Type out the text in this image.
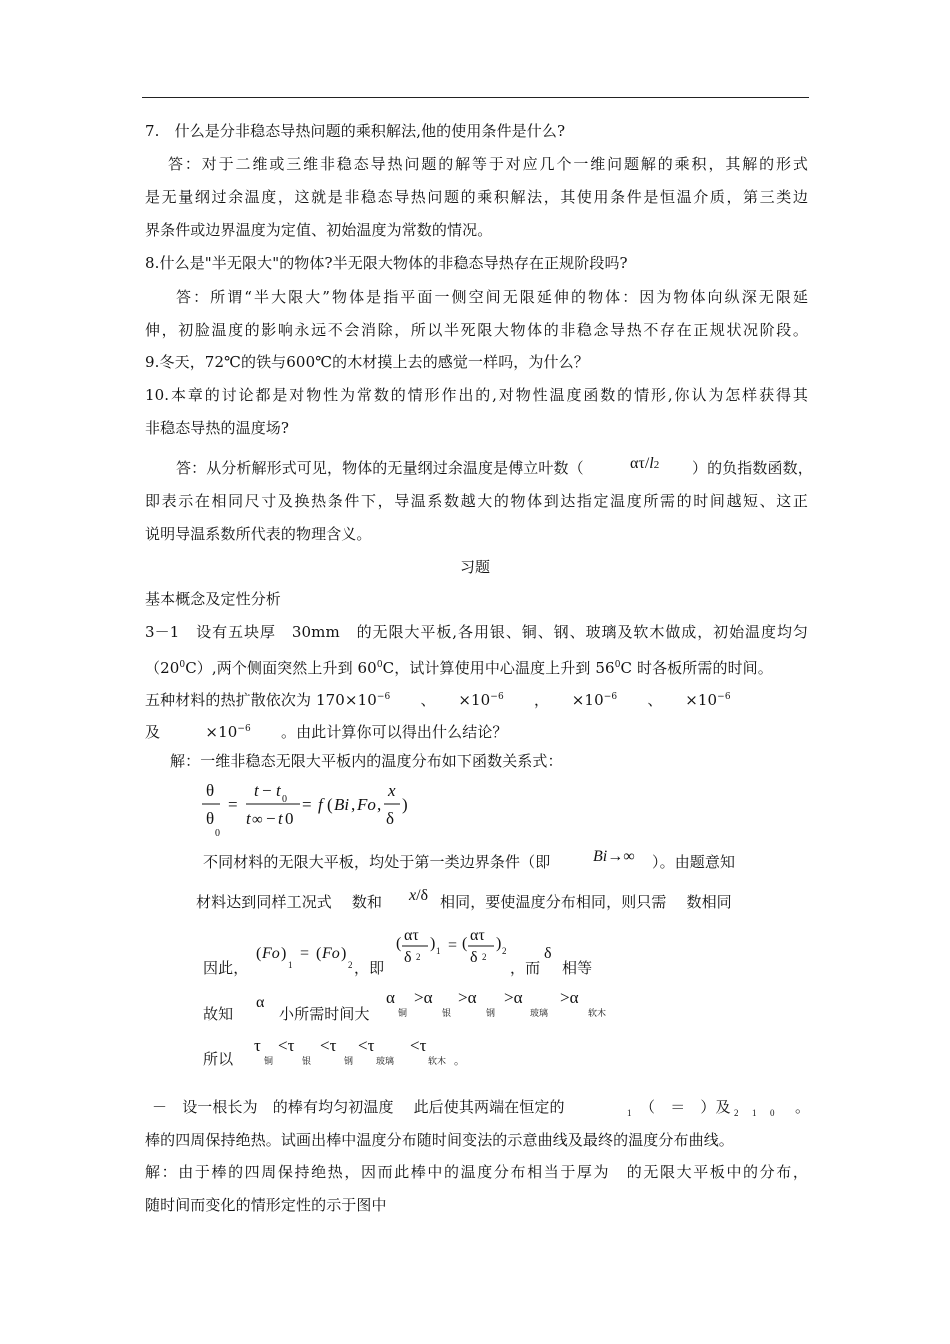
7.　什么是分非稳态导热问题的乘积解法,他的使用条件是什么?
答：对于二维或三维非稳态导热问题的解等于对应几个一维问题解的乘积，其解的形式
是无量纲过余温度，这就是非稳态导热问题的乘积解法，其使用条件是恒温介质，第三类边
界条件或边界温度为定值、初始温度为常数的情况。
8.什么是"半无限大"的物体?半无限大物体的非稳态导热存在正规阶段吗?
答：所谓“半大限大”物体是指平面一侧空间无限延伸的物体：因为物体向纵深无限延
伸，初脸温度的影响永远不会消除，所以半死限大物体的非稳念导热不存在正规状况阶段。
9.冬天，72℃的铁与600℃的木材摸上去的感觉一样吗，为什么？
10.本章的讨论都是对物性为常数的情形作出的,对物性温度函数的情形,你认为怎样获得其
非稳态导热的温度场?
答：从分析解形式可见，物体的无量纲过余温度是傅立叶数（	ατ/l2 ）的负指数函数，
即表示在相同尺寸及换热条件下，导温系数越大的物体到达指定温度所需的时间越短、这正
说明导温系数所代表的物理含义。
习题
基本概念及定性分析
3－1　设有五块厚　30mm　的无限大平板,各用银、铜、钢、玻璃及软木做成，初始温度均匀
$(20^0C)$,两个侧面突然上升到 $60^0C$，试计算使用中心温度上升到 $56^0C$ 时各板所需的时间。
五种材料的热扩散依次为 $170\times 10^{-6}$　　 、　　$\times 10^{-6}$　　 ，　　$\times 10^{-6}$　　 、　　$\times 10^{-6}$
及　　　$\times 10^{-6}$　　 。由此计算你可以得出什么结论？
解：一维非稳态无限大平板内的温度分布如下函数关系式：
θ
θ
0
=
t − t 0
t ∞ − t 0
= f ( Bi , Fo ,
x
δ
)
不同材料的无限大平板，均处于第一类边界条件（即	Bi→∞ ）。由题意知
材料达到同样工况式　 数和 x/δ 相同，要使温度分布相同，则只需　 数相同
因此，
( Fo )
1
= ( Fo )
2
( ατ
δ 2
) 1 = ( ατ
δ 2
) 2
，即	，而
δ
相等
故知
α
小所需时间大
α >α >α >α >α
铜	银	钢	玻璃	软木
所以
τ <τ <τ <τ <τ
铜	银	钢	玻璃	软木 。
－　设一根长为　的棒有均匀初温度　 此后使其两端在恒定的	1 （　＝　）及 2　  1　  0 。
棒的四周保持绝热。试画出棒中温度分布随时间变法的示意曲线及最终的温度分布曲线。
解：由于棒的四周保持绝热，因而此棒中的温度分布相当于厚为　的无限大平板中的分布，
随时间而变化的情形定性的示于图中
